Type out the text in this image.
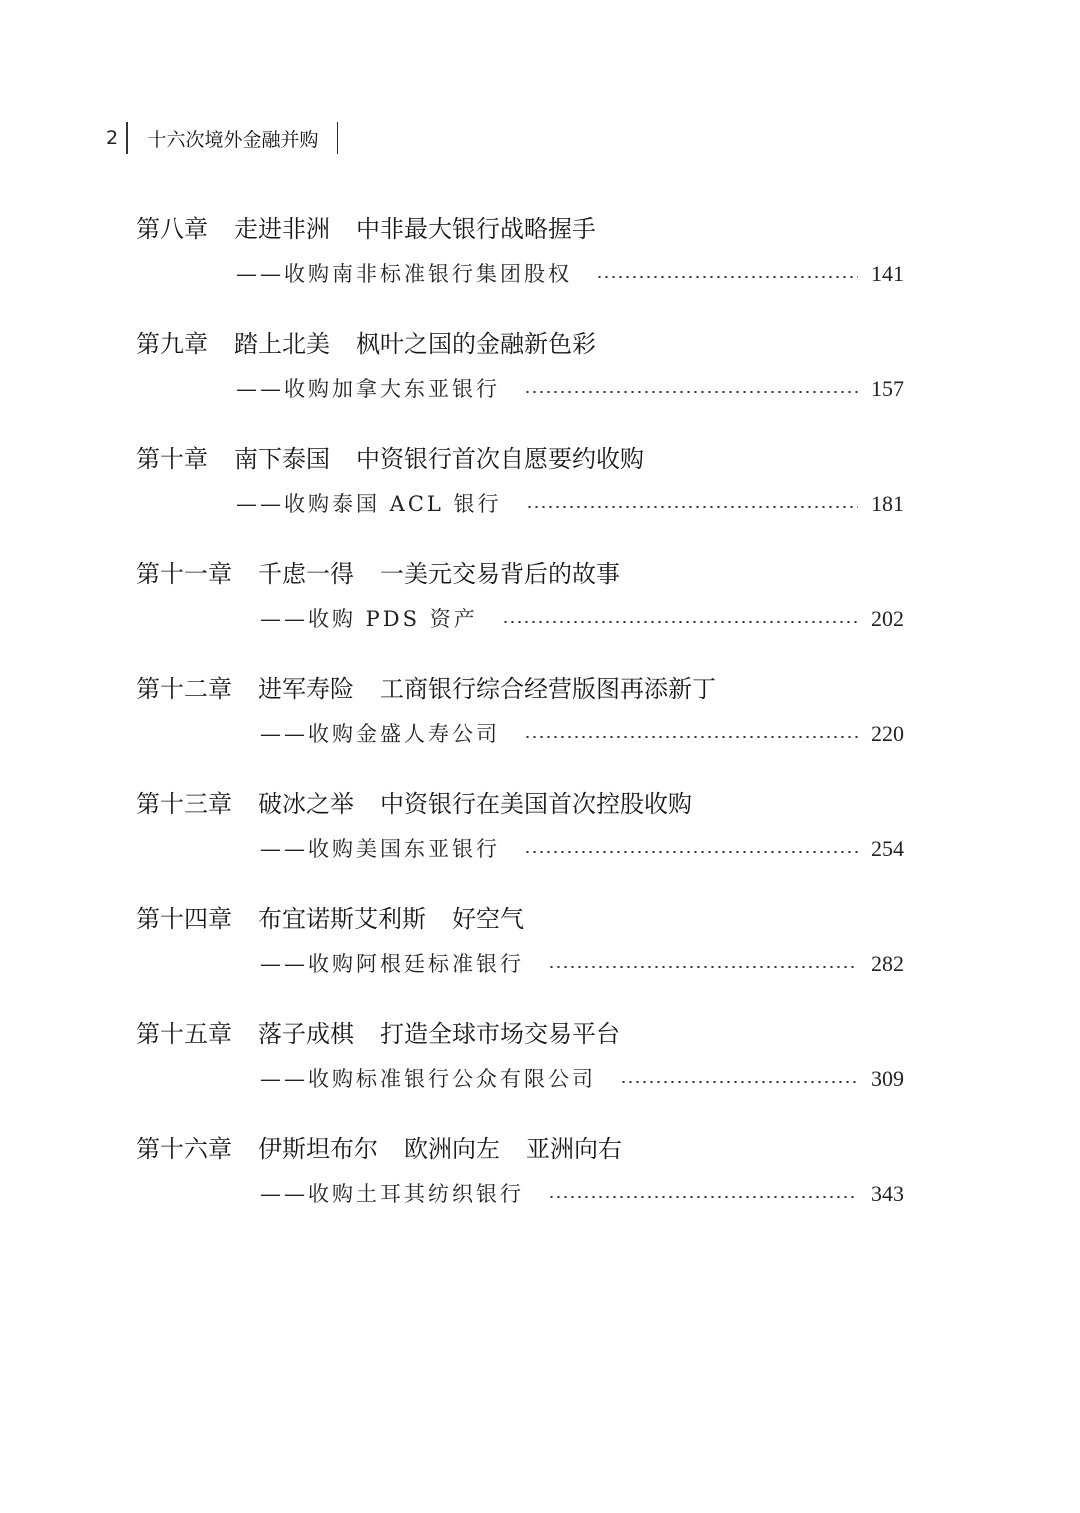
2	十六次境外金融并购
第八章 走进非洲 中非最大银行战略握手
——收购南非标准银行集团股权	141
第九章 踏上北美 枫叶之国的金融新色彩
——收购加拿大东亚银行	157
第十章 南下泰国 中资银行首次自愿要约收购
——收购泰国 ACL 银行	181
第十一章 千虑一得 一美元交易背后的故事
——收购 PDS 资产	202
第十二章 进军寿险 工商银行综合经营版图再添新丁
——收购金盛人寿公司	220
第十三章 破冰之举 中资银行在美国首次控股收购
——收购美国东亚银行	254
第十四章 布宜诺斯艾利斯 好空气
——收购阿根廷标准银行	282
第十五章 落子成棋 打造全球市场交易平台
——收购标准银行公众有限公司	309
第十六章 伊斯坦布尔 欧洲向左 亚洲向右
——收购土耳其纺织银行	343
